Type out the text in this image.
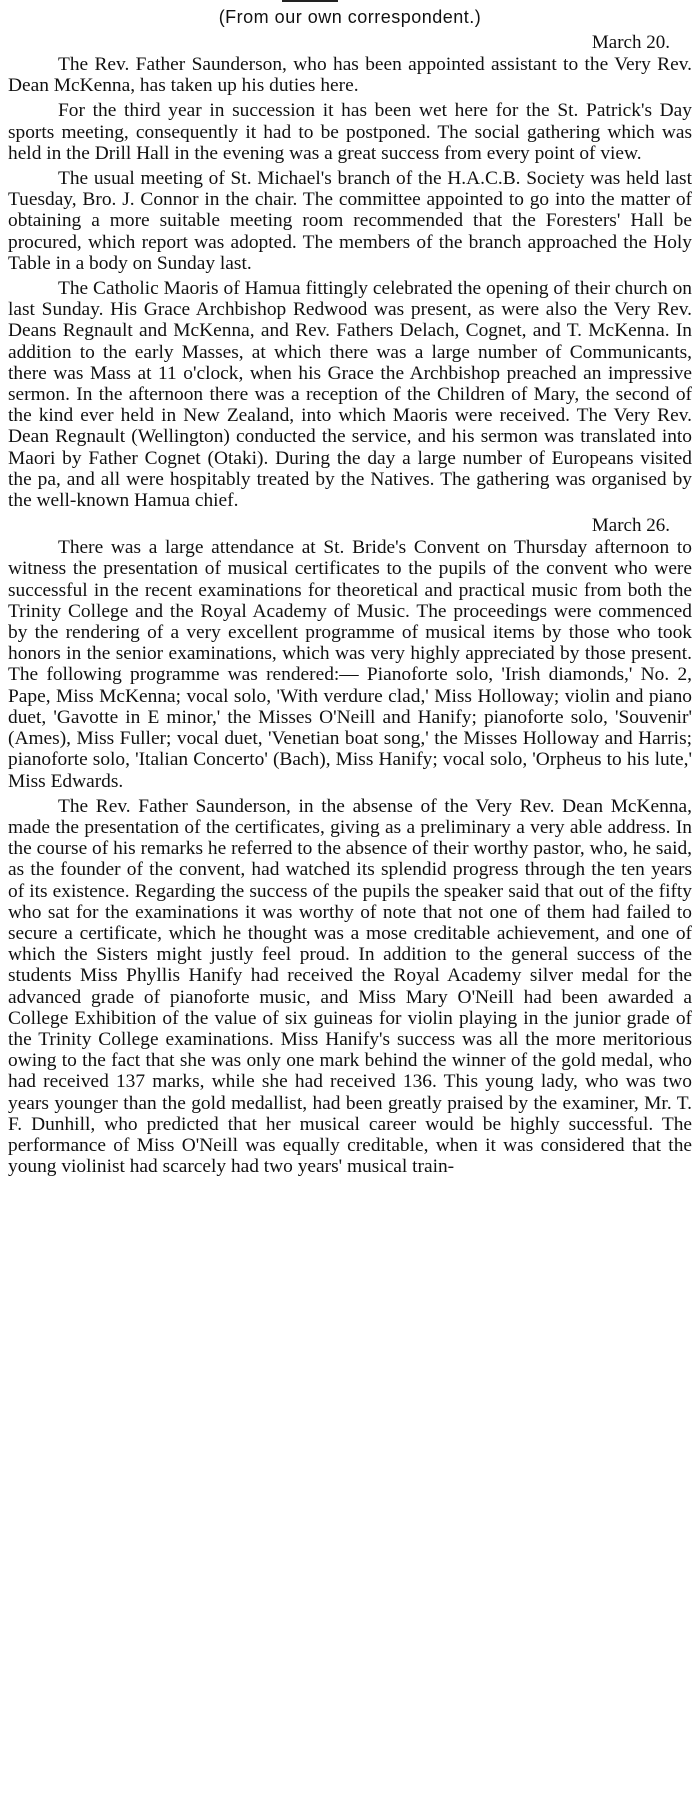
(From our own correspondent.)
March 20.

The Rev. Father Saunderson, who has been appointed assistant to the Very Rev. Dean McKenna, has taken up his duties here.

For the third year in succession it has been wet here for the St. Patrick's Day sports meeting, consequently it had to be postponed. The social gathering which was held in the Drill Hall in the evening was a great success from every point of view.

The usual meeting of St. Michael's branch of the H.A.C.B. Society was held last Tuesday, Bro. J. Connor in the chair. The committee appointed to go into the matter of obtaining a more suitable meeting room recommended that the Foresters' Hall be procured, which report was adopted. The members of the branch approached the Holy Table in a body on Sunday last.

The Catholic Maoris of Hamua fittingly celebrated the opening of their church on last Sunday. His Grace Archbishop Redwood was present, as were also the Very Rev. Deans Regnault and McKenna, and Rev. Fathers Delach, Cognet, and T. McKenna. In addition to the early Masses, at which there was a large number of Communicants, there was Mass at 11 o'clock, when his Grace the Archbishop preached an impressive sermon. In the afternoon there was a reception of the Children of Mary, the second of the kind ever held in New Zealand, into which Maoris were received. The Very Rev. Dean Regnault (Wellington) conducted the service, and his sermon was translated into Maori by Father Cognet (Otaki). During the day a large number of Europeans visited the pa, and all were hospitably treated by the Natives. The gathering was organised by the well-known Hamua chief.

March 26.

There was a large attendance at St. Bride's Convent on Thursday afternoon to witness the presentation of musical certificates to the pupils of the convent who were successful in the recent examinations for theoretical and practical music from both the Trinity College and the Royal Academy of Music. The proceedings were commenced by the rendering of a very excellent programme of musical items by those who took honors in the senior examinations, which was very highly appreciated by those present. The following programme was rendered:— Pianoforte solo, 'Irish diamonds,' No. 2, Pape, Miss McKenna; vocal solo, 'With verdure clad,' Miss Holloway; violin and piano duet, 'Gavotte in E minor,' the Misses O'Neill and Hanify; pianoforte solo, 'Souvenir' (Ames), Miss Fuller; vocal duet, 'Venetian boat song,' the Misses Holloway and Harris; pianoforte solo, 'Italian Concerto' (Bach), Miss Hanify; vocal solo, 'Orpheus to his lute,' Miss Edwards.

The Rev. Father Saunderson, in the absense of the Very Rev. Dean McKenna, made the presentation of the certificates, giving as a preliminary a very able address. In the course of his remarks he referred to the absence of their worthy pastor, who, he said, as the founder of the convent, had watched its splendid progress through the ten years of its existence. Regarding the success of the pupils the speaker said that out of the fifty who sat for the examinations it was worthy of note that not one of them had failed to secure a certificate, which he thought was a mose creditable achievement, and one of which the Sisters might justly feel proud. In addition to the general success of the students Miss Phyllis Hanify had received the Royal Academy silver medal for the advanced grade of pianoforte music, and Miss Mary O'Neill had been awarded a College Exhibition of the value of six guineas for violin playing in the junior grade of the Trinity College examinations. Miss Hanify's success was all the more meritorious owing to the fact that she was only one mark behind the winner of the gold medal, who had received 137 marks, while she had received 136. This young lady, who was two years younger than the gold medallist, had been greatly praised by the examiner, Mr. T. F. Dunhill, who predicted that her musical career would be highly successful. The performance of Miss O'Neill was equally creditable, when it was considered that the young violinist had scarcely had two years' musical train-
